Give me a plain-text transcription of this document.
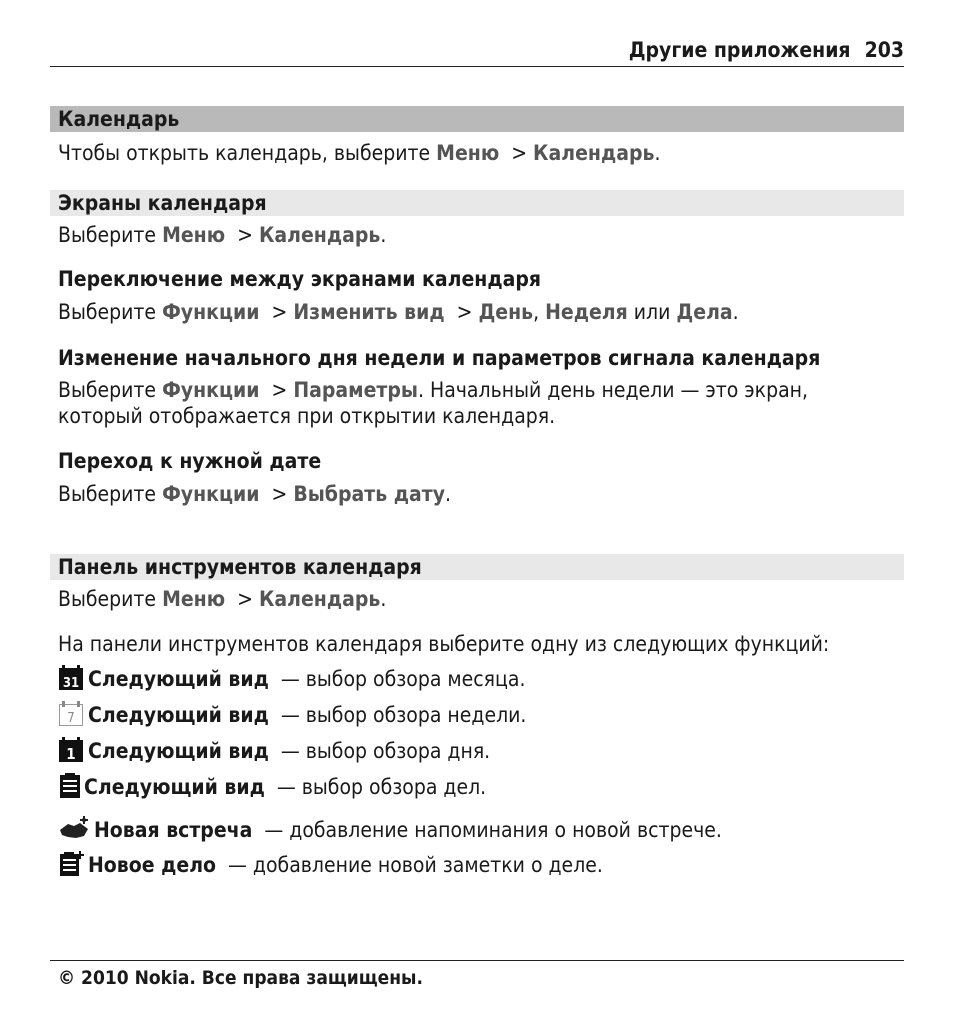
Другие приложения 203
Календарь
Чтобы открыть календарь, выберите Меню > Календарь.
Экраны календаря
Выберите Меню > Календарь.
Переключение между экранами календаря
Выберите Функции > Изменить вид > День, Неделя или Дела.
Изменение начального дня недели и параметров сигнала календаря
Выберите Функции > Параметры. Начальный день недели — это экран,
который отображается при открытии календаря.
Переход к нужной дате
Выберите Функции > Выбрать дату.
Панель инструментов календаря
Выберите Меню > Календарь.
На панели инструментов календаря выберите одну из следующих функций:
31 Следующий вид — выбор обзора месяца.
7 Следующий вид — выбор обзора недели.
1 Следующий вид — выбор обзора дня.
Следующий вид — выбор обзора дел.
Новая встреча — добавление напоминания о новой встрече.
Новое дело — добавление новой заметки о деле.
© 2010 Nokia. Все права защищены.
